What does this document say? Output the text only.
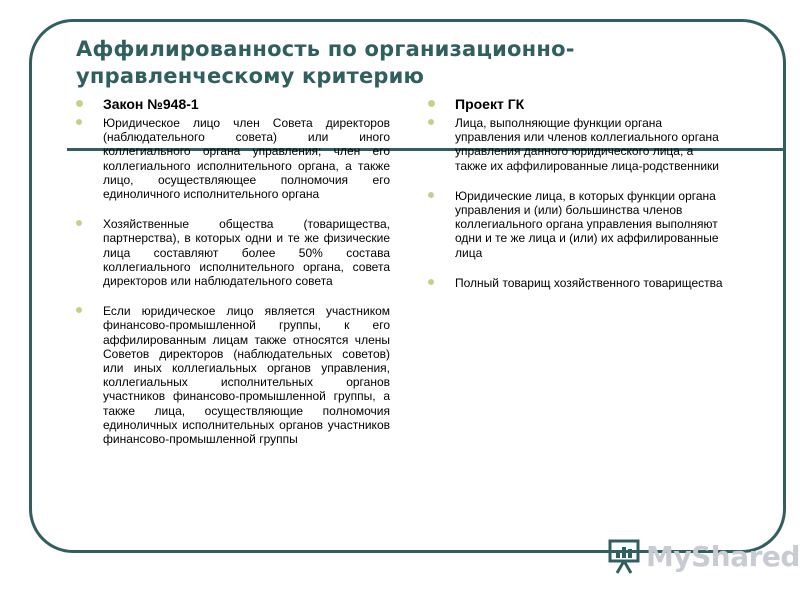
Аффилированность по организационно-управленческому критерию
Закон №948-1
Юридическое лицо член Совета директоров (наблюдательного совета) или иного коллегиального органа управления; член его коллегиального исполнительного органа, а также лицо, осуществляющее полномочия его единоличного исполнительного органа
Хозяйственные общества (товарищества, партнерства), в которых одни и те же физические лица составляют более 50% состава коллегиального исполнительного органа, совета директоров или наблюдательного совета
Если юридическое лицо является участником финансово-промышленной группы, к его аффилированным лицам также относятся члены Советов директоров (наблюдательных советов) или иных коллегиальных органов управления, коллегиальных исполнительных органов участников финансово-промышленной группы, а также лица, осуществляющие полномочия единоличных исполнительных органов участников финансово-промышленной группы
Проект ГК
Лица, выполняющие функции органа управления или членов коллегиального органа управления данного юридического лица, а также их аффилированные лица-родственники
Юридические лица, в которых функции органа управления и (или) большинства членов коллегиального органа управления выполняют одни и те же лица и (или) их аффилированные лица
Полный товарищ хозяйственного товарищества
MyShared
